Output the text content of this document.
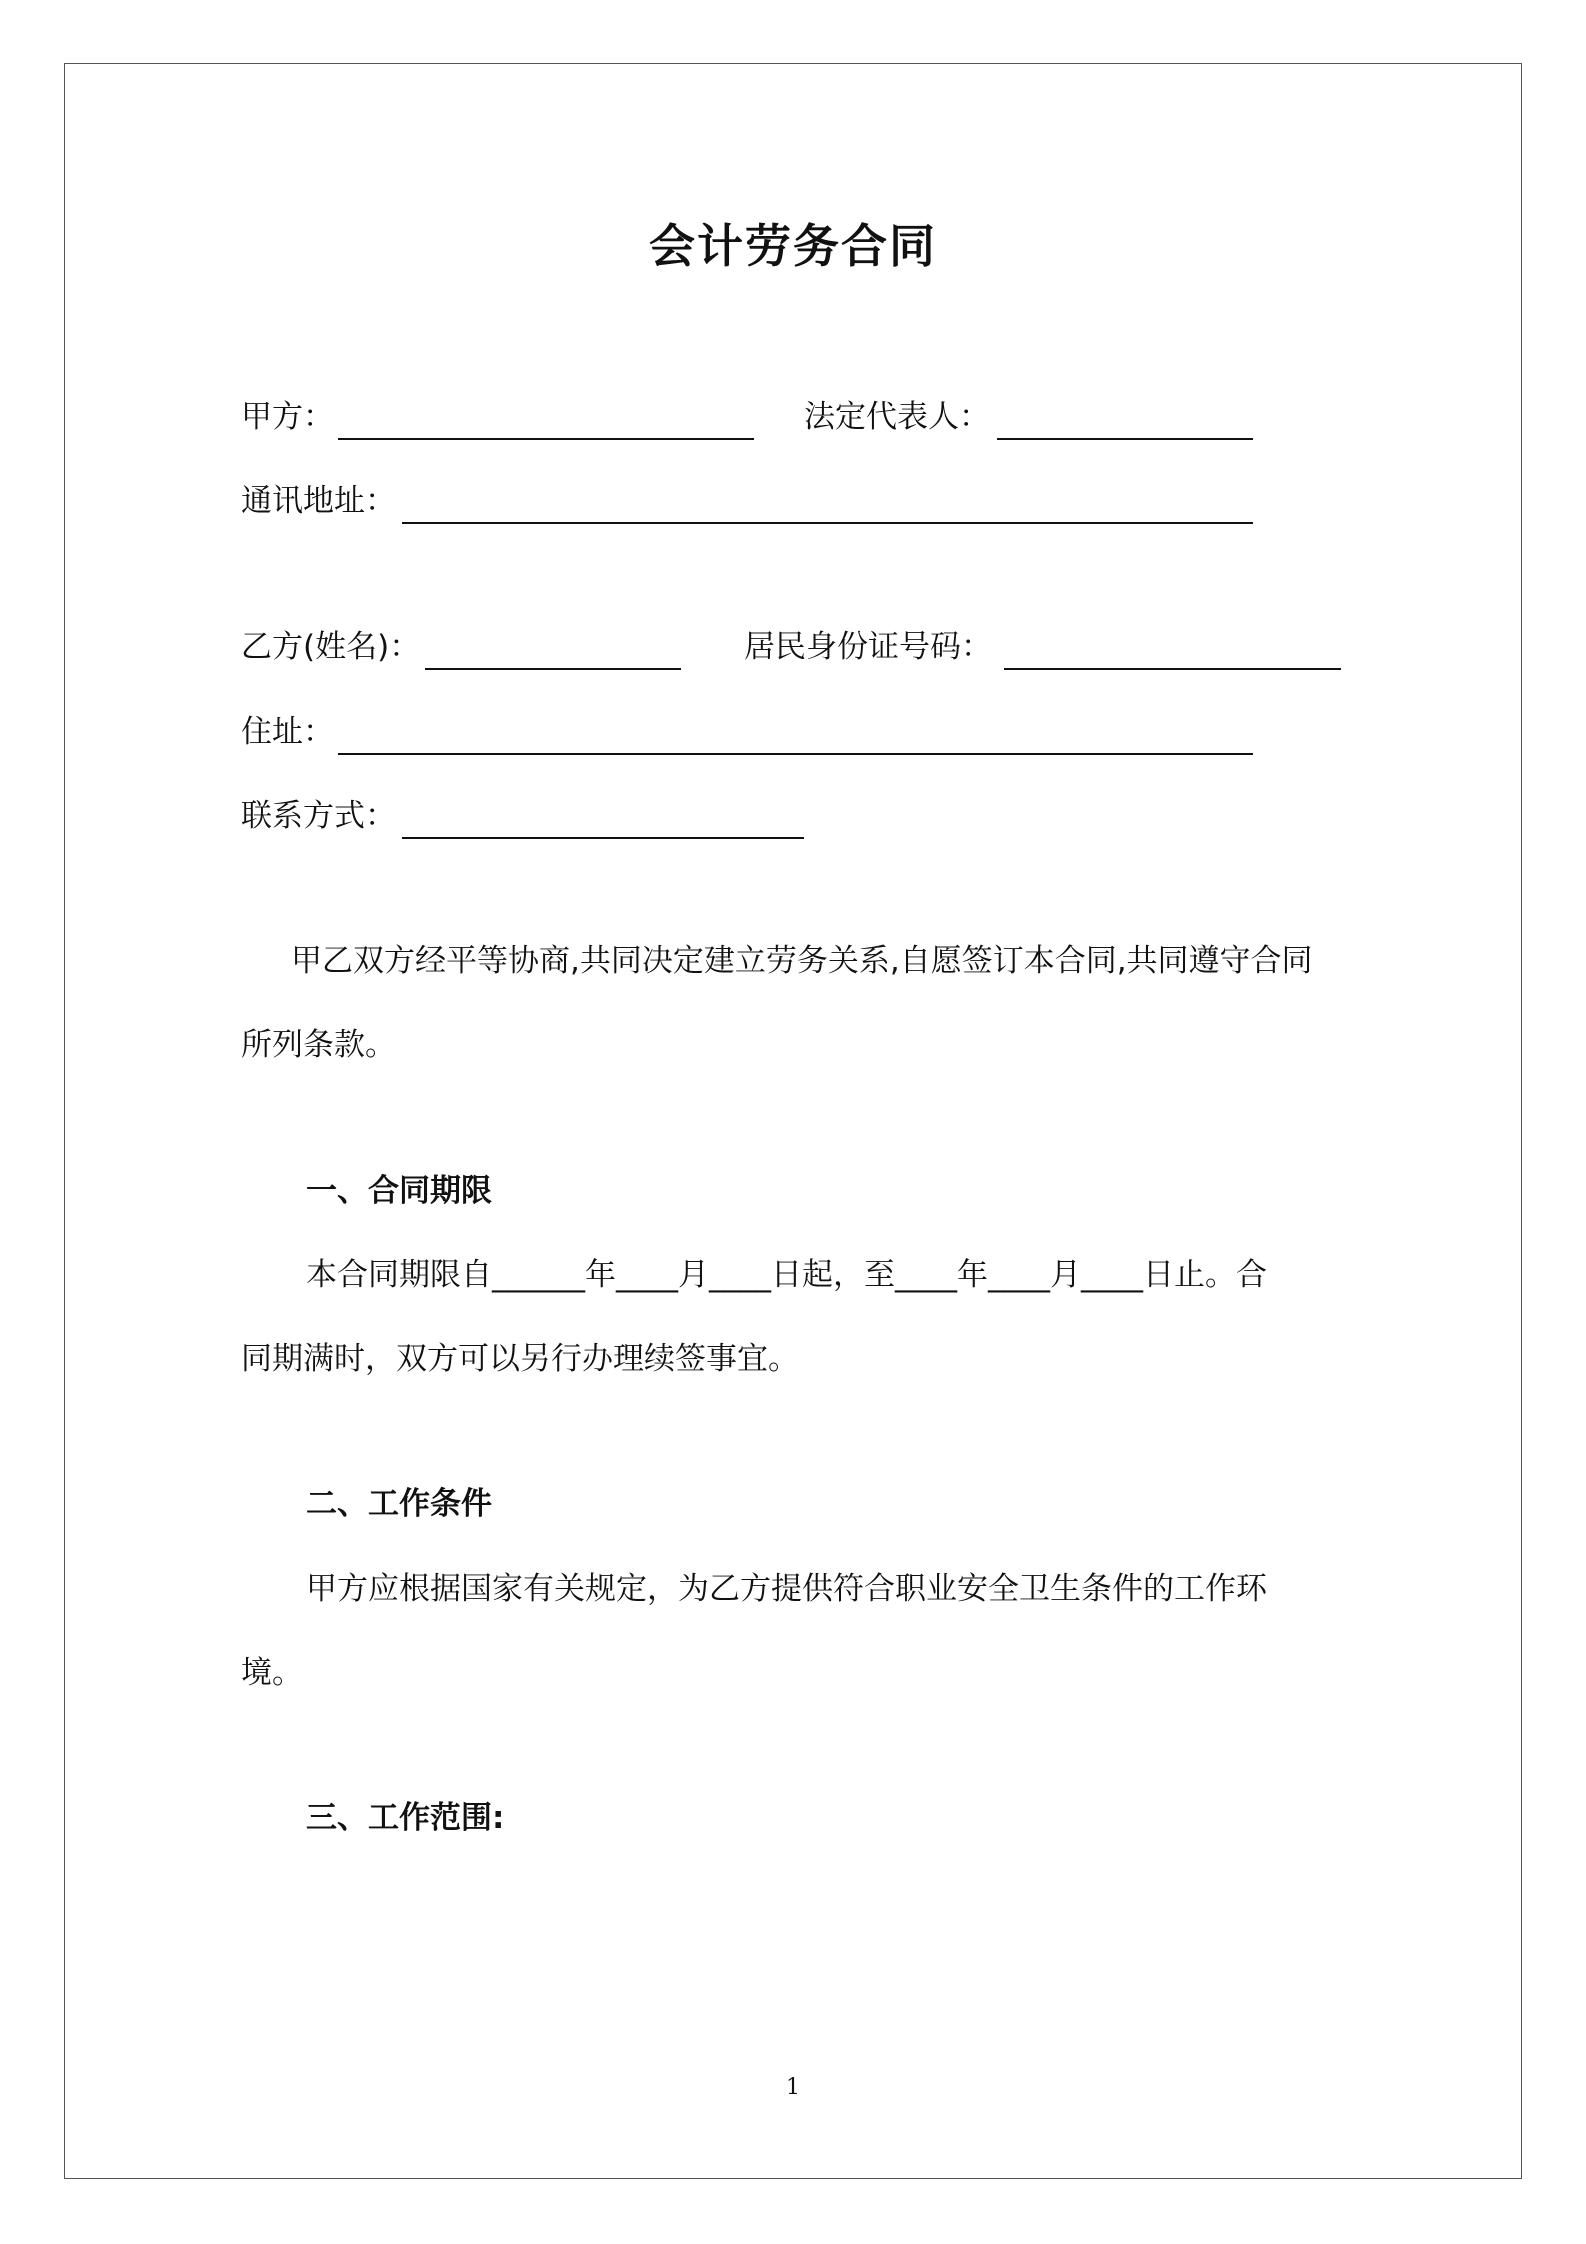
会计劳务合同
甲方：	法定代表人：
通讯地址：
乙方(姓名)：	居民身份证号码：
住址：
联系方式：
甲乙双方经平等协商,共同决定建立劳务关系,自愿签订本合同,共同遵守合同
所列条款。
一、合同期限
本合同期限自______年____月____日起，至____年____月____日止。合
同期满时，双方可以另行办理续签事宜。
二、工作条件
甲方应根据国家有关规定，为乙方提供符合职业安全卫生条件的工作环
境。
三、工作范围:
1
